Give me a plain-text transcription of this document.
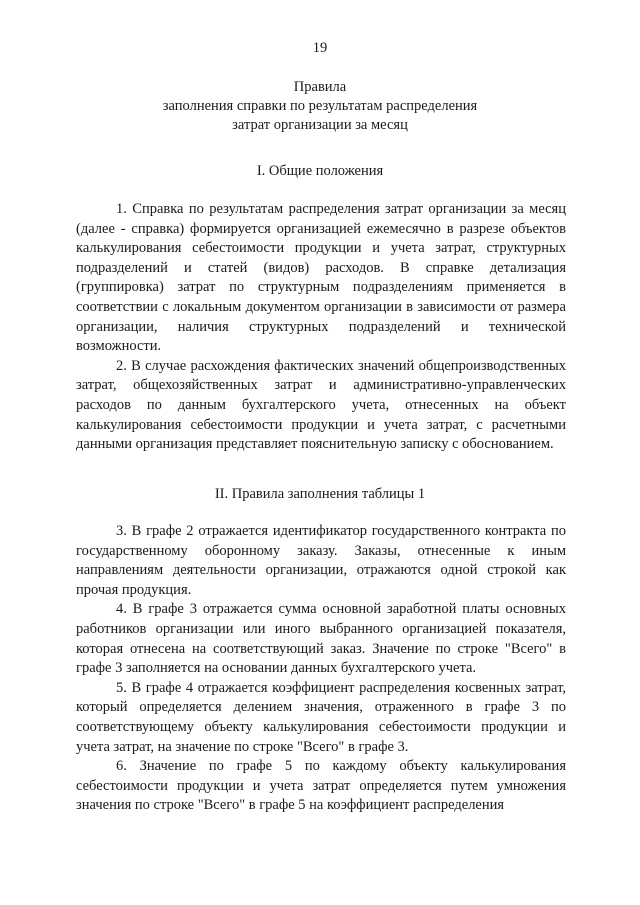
19
Правила
заполнения справки по результатам распределения
затрат организации за месяц
I. Общие положения

1. Справка по результатам распределения затрат организации за месяц (далее - справка) формируется организацией ежемесячно в разрезе объектов калькулирования себестоимости продукции и учета затрат, структурных подразделений и статей (видов) расходов. В справке детализация (группировка) затрат по структурным подразделениям применяется в соответствии с локальным документом организации в зависимости от размера организации, наличия структурных подразделений и технической возможности.

2. В случае расхождения фактических значений общепроизводственных затрат, общехозяйственных затрат и административно-управленческих расходов по данным бухгалтерского учета, отнесенных на объект калькулирования себестоимости продукции и учета затрат, с расчетными данными организация представляет пояснительную записку с обоснованием.

II. Правила заполнения таблицы 1

3. В графе 2 отражается идентификатор государственного контракта по государственному оборонному заказу. Заказы, отнесенные к иным направлениям деятельности организации, отражаются одной строкой как прочая продукция.

4. В графе 3 отражается сумма основной заработной платы основных работников организации или иного выбранного организацией показателя, которая отнесена на соответствующий заказ. Значение по строке "Всего" в графе 3 заполняется на основании данных бухгалтерского учета.

5. В графе 4 отражается коэффициент распределения косвенных затрат, который определяется делением значения, отраженного в графе 3 по соответствующему объекту калькулирования себестоимости продукции и учета затрат, на значение по строке "Всего" в графе 3.

6. Значение по графе 5 по каждому объекту калькулирования себестоимости продукции и учета затрат определяется путем умножения значения по строке "Всего" в графе 5 на коэффициент распределения
